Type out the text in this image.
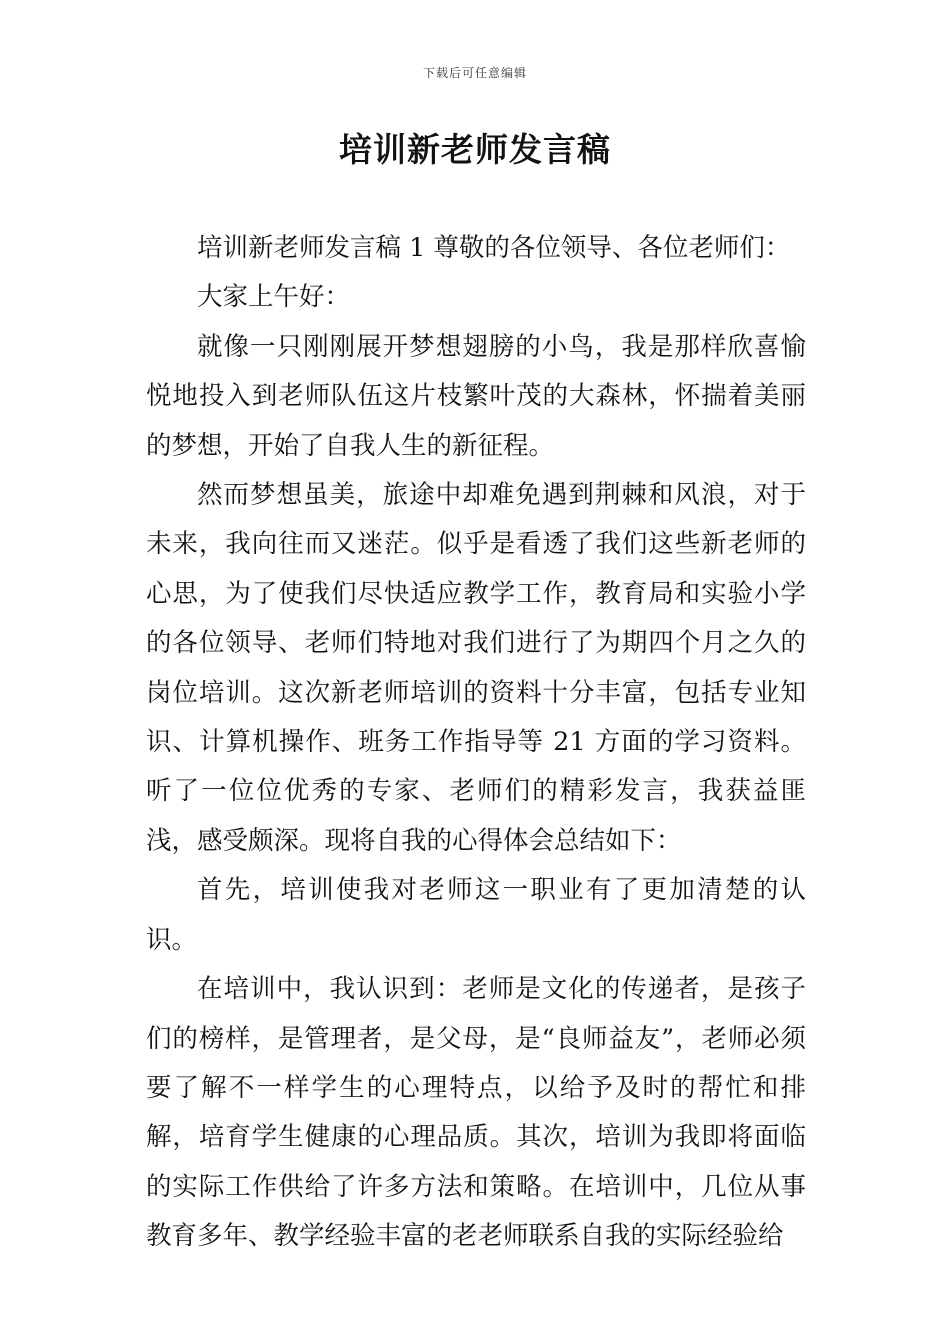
下载后可任意编辑
培训新老师发言稿

培训新老师发言稿 1 尊敬的各位领导、各位老师们：

大家上午好：

就像一只刚刚展开梦想翅膀的小鸟，我是那样欣喜愉悦地投入到老师队伍这片枝繁叶茂的大森林，怀揣着美丽的梦想，开始了自我人生的新征程。

然而梦想虽美，旅途中却难免遇到荆棘和风浪，对于未来，我向往而又迷茫。似乎是看透了我们这些新老师的心思，为了使我们尽快适应教学工作，教育局和实验小学的各位领导、老师们特地对我们进行了为期四个月之久的岗位培训。这次新老师培训的资料十分丰富，包括专业知识、计算机操作、班务工作指导等 21 方面的学习资料。听了一位位优秀的专家、老师们的精彩发言，我获益匪浅，感受颇深。现将自我的心得体会总结如下：

首先，培训使我对老师这一职业有了更加清楚的认识。

在培训中，我认识到：老师是文化的传递者，是孩子们的榜样，是管理者，是父母，是“良师益友”，老师必须要了解不一样学生的心理特点，以给予及时的帮忙和排解，培育学生健康的心理品质。其次，培训为我即将面临的实际工作供给了许多方法和策略。在培训中，几位从事教育多年、教学经验丰富的老老师联系自我的实际经验给
